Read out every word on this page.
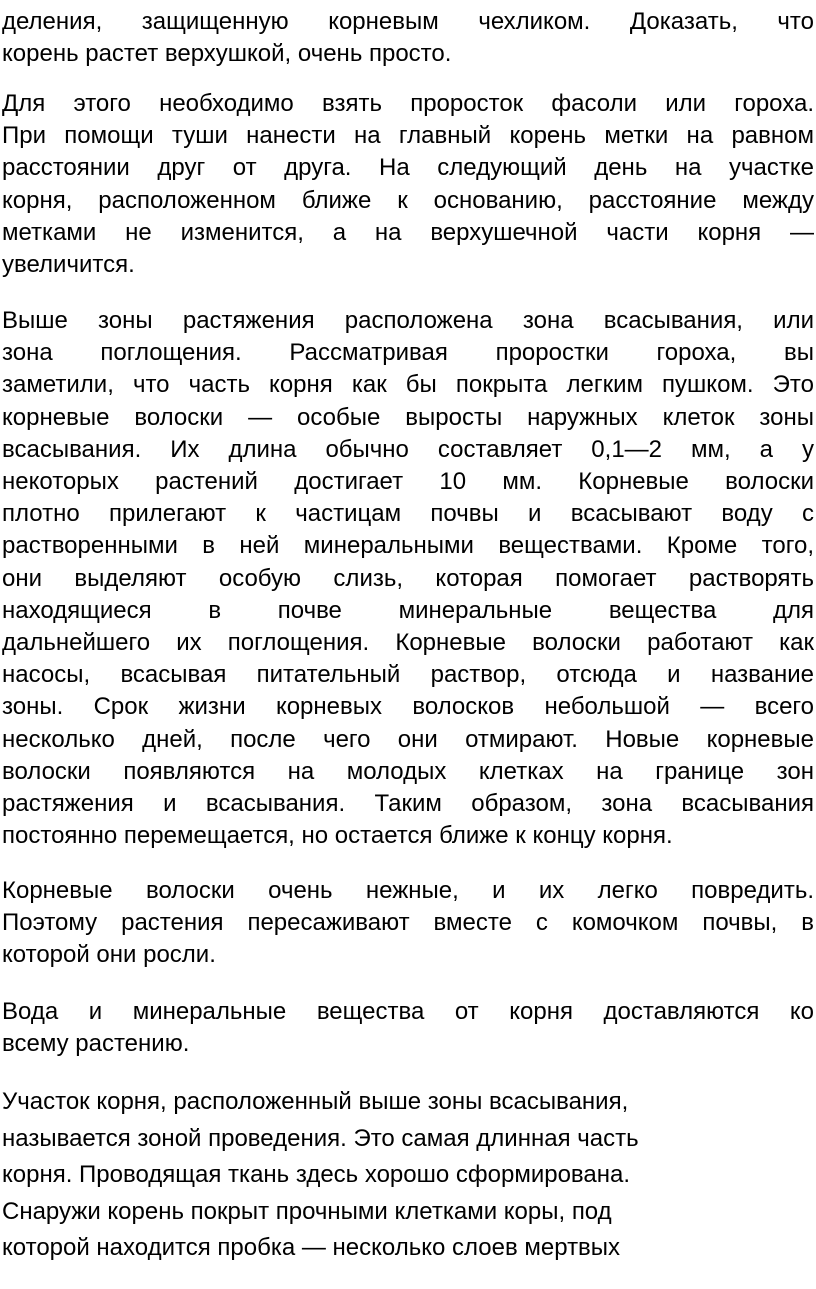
деления, защищенную корневым чехликом. Доказать, что
корень растет верхушкой, очень просто.

Для этого необходимо взять проросток фасоли или гороха.
При помощи туши нанести на главный корень метки на равном
расстоянии друг от друга. На следующий день на участке
корня, расположенном ближе к основанию, расстояние между
метками не изменится, а на верхушечной части корня —
увеличится.

Выше зоны растяжения расположена зона всасывания, или
зона поглощения. Рассматривая проростки гороха, вы
заметили, что часть корня как бы покрыта легким пушком. Это
корневые волоски — особые выросты наружных клеток зоны
всасывания. Их длина обычно составляет 0,1—2 мм, а у
некоторых растений достигает 10 мм. Корневые волоски
плотно прилегают к частицам почвы и всасывают воду с
растворенными в ней минеральными веществами. Кроме того,
они выделяют особую слизь, которая помогает растворять
находящиеся в почве минеральные вещества для
дальнейшего их поглощения. Корневые волоски работают как
насосы, всасывая питательный раствор, отсюда и название
зоны. Срок жизни корневых волосков небольшой — всего
несколько дней, после чего они отмирают. Новые корневые
волоски появляются на молодых клетках на границе зон
растяжения и всасывания. Таким образом, зона всасывания
постоянно перемещается, но остается ближе к концу корня.

Корневые волоски очень нежные, и их легко повредить.
Поэтому растения пересаживают вместе с комочком почвы, в
которой они росли.

Вода и минеральные вещества от корня доставляются ко
всему растению.

Участок корня, расположенный выше зоны всасывания,
называется зоной проведения. Это самая длинная часть
корня. Проводящая ткань здесь хорошо сформирована.
Снаружи корень покрыт прочными клетками коры, под
которой находится пробка — несколько слоев мертвых
